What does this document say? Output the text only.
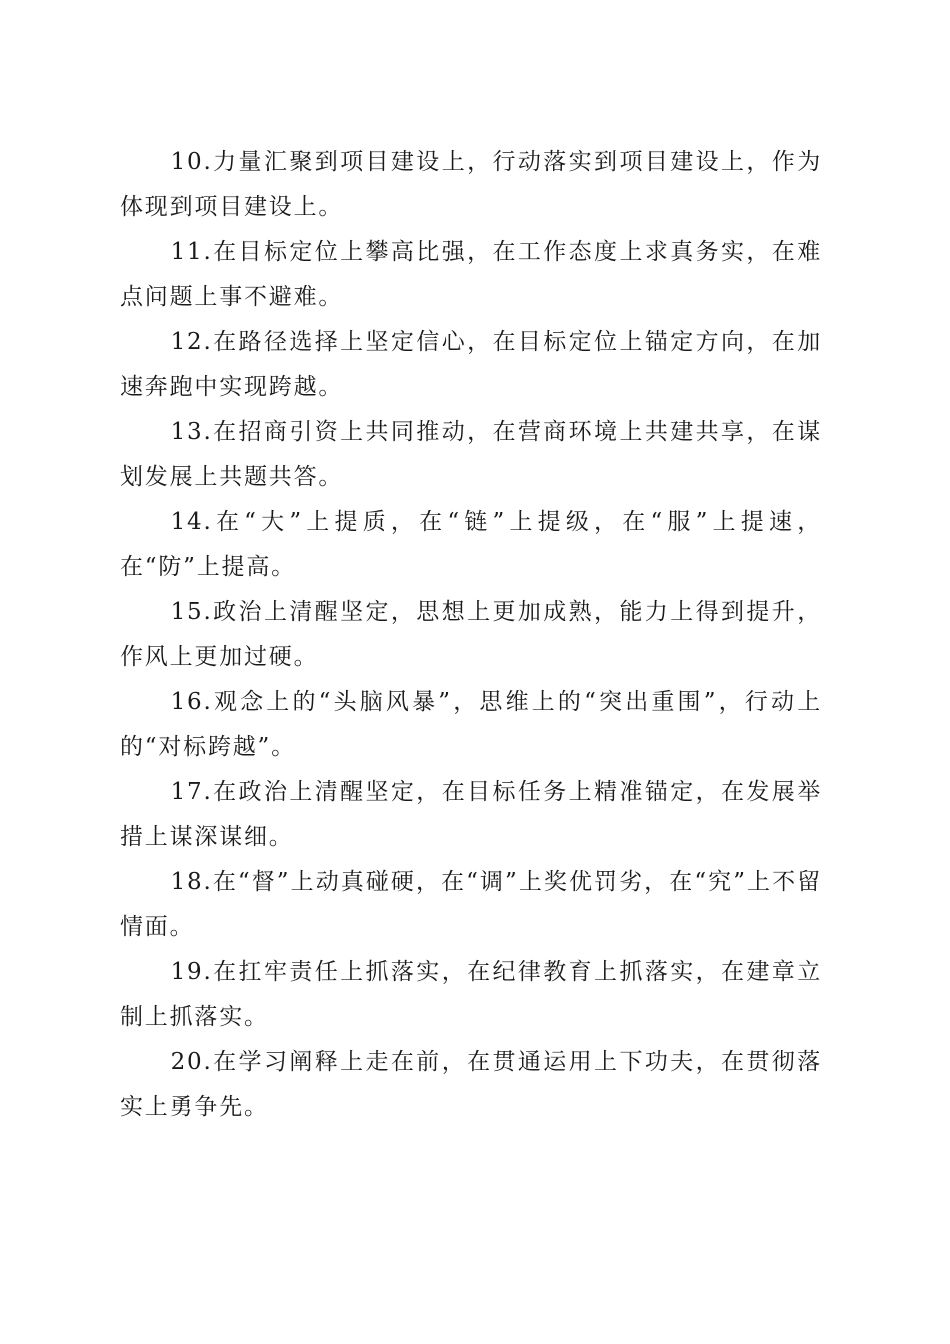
10.力量汇聚到项目建设上，行动落实到项目建设上，作为体现到项目建设上。

11.在目标定位上攀高比强，在工作态度上求真务实，在难点问题上事不避难。

12.在路径选择上坚定信心，在目标定位上锚定方向，在加速奔跑中实现跨越。

13.在招商引资上共同推动，在营商环境上共建共享，在谋划发展上共题共答。

14.在“大”上提质，在“链”上提级，在“服”上提速，在“防”上提高。

15.政治上清醒坚定，思想上更加成熟，能力上得到提升，作风上更加过硬。

16.观念上的“头脑风暴”，思维上的“突出重围”，行动上的“对标跨越”。

17.在政治上清醒坚定，在目标任务上精准锚定，在发展举措上谋深谋细。

18.在“督”上动真碰硬，在“调”上奖优罚劣，在“究”上不留情面。

19.在扛牢责任上抓落实，在纪律教育上抓落实，在建章立制上抓落实。

20.在学习阐释上走在前，在贯通运用上下功夫，在贯彻落实上勇争先。
